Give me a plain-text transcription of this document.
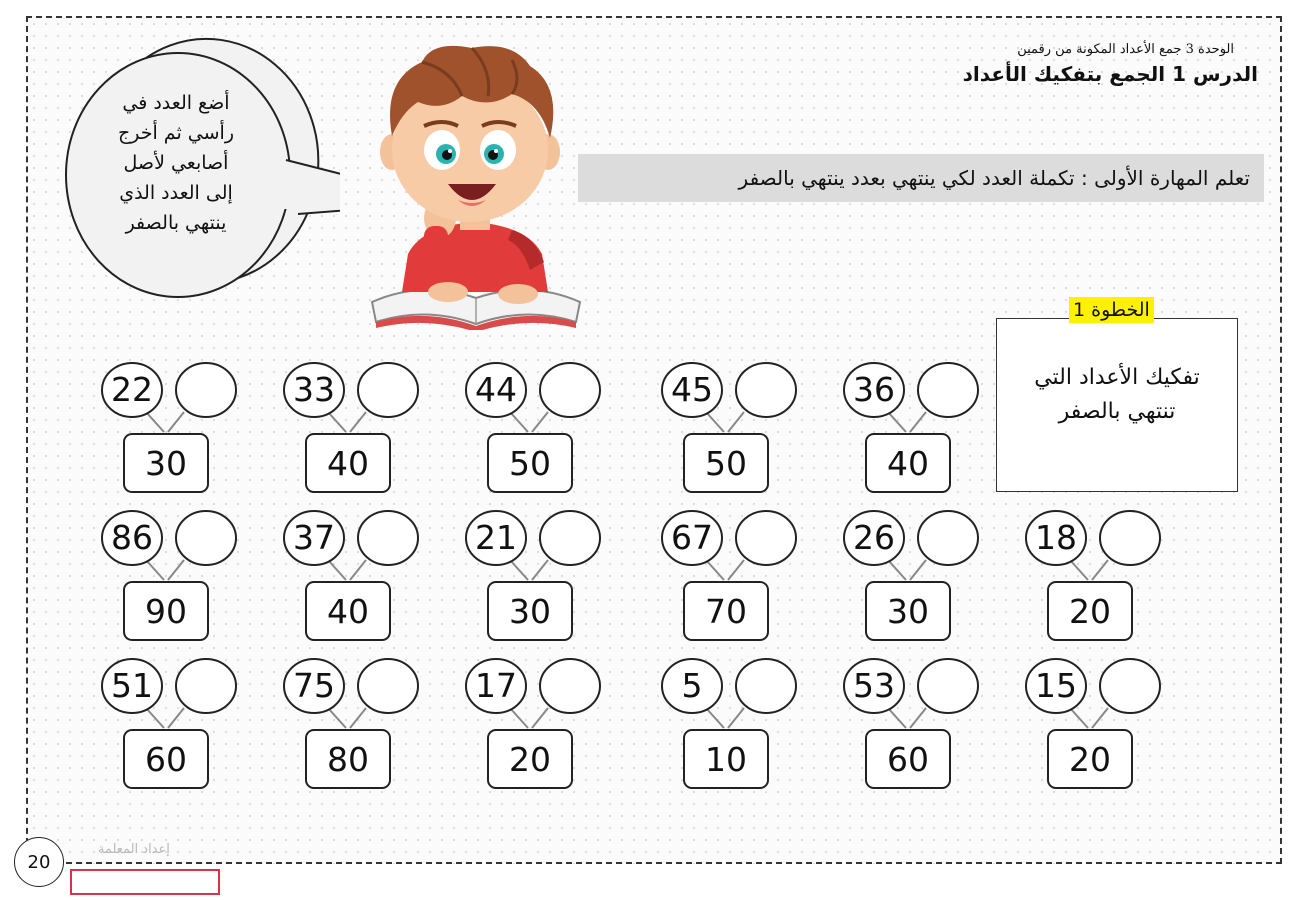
الوحدة 3 جمع الأعداد المكونة من رقمين
الدرس 1 الجمع بتفكيك الأعداد
تعلم المهارة الأولى : تكملة العدد لكي ينتهي بعدد ينتهي بالصفر
أضع العدد في
رأسي ثم أخرج
أصابعي لأصل
إلى العدد الذي
ينتهي بالصفر
الخطوة 1
تفكيك الأعداد التي
تنتهي بالصفر
22
30
33
40
44
50
45
50
36
40
86
90
37
40
21
30
67
70
26
30
18
20
51
60
75
80
17
20
5
10
53
60
15
20
20
إعداد المعلمة
